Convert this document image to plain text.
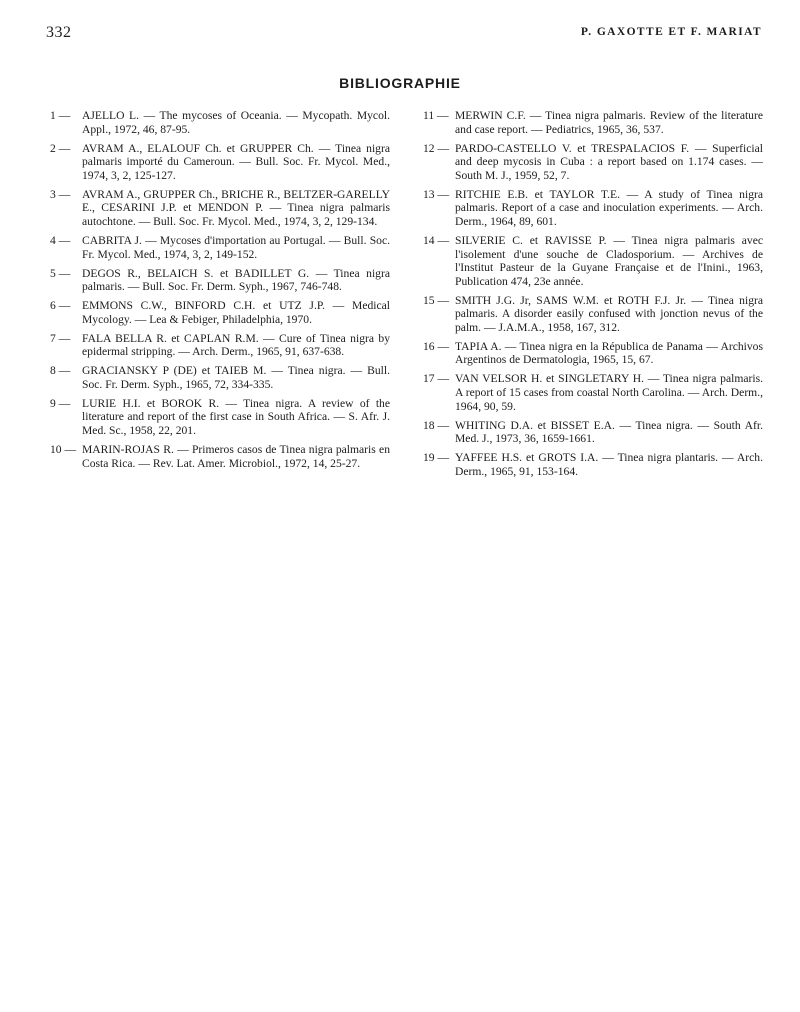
332	P. GAXOTTE ET F. MARIAT
BIBLIOGRAPHIE
1 —	AJELLO L. — The mycoses of Oceania. — Mycopath. Mycol. Appl., 1972, 46, 87-95.
2 —	AVRAM A., ELALOUF Ch. et GRUPPER Ch. — Tinea nigra palmaris importé du Cameroun. — Bull. Soc. Fr. Mycol. Med., 1974, 3, 2, 125-127.
3 —	AVRAM A., GRUPPER Ch., BRICHE R., BELTZER-GARELLY E., CESARINI J.P. et MENDON P. — Tinea nigra palmaris autochtone. — Bull. Soc. Fr. Mycol. Med., 1974, 3, 2, 129-134.
4 —	CABRITA J. — Mycoses d'importation au Portugal. — Bull. Soc. Fr. Mycol. Med., 1974, 3, 2, 149-152.
5 —	DEGOS R., BELAICH S. et BADILLET G. — Tinea nigra palmaris. — Bull. Soc. Fr. Derm. Syph., 1967, 746-748.
6 —	EMMONS C.W., BINFORD C.H. et UTZ J.P. — Medical Mycology. — Lea & Febiger, Philadelphia, 1970.
7 —	FALA BELLA R. et CAPLAN R.M. — Cure of Tinea nigra by epidermal stripping. — Arch. Derm., 1965, 91, 637-638.
8 —	GRACIANSKY P (DE) et TAIEB M. — Tinea nigra. — Bull. Soc. Fr. Derm. Syph., 1965, 72, 334-335.
9 —	LURIE H.I. et BOROK R. — Tinea nigra. A review of the literature and report of the first case in South Africa. — S. Afr. J. Med. Sc., 1958, 22, 201.
10 — MARIN-ROJAS R. — Primeros casos de Tinea nigra palmaris en Costa Rica. — Rev. Lat. Amer. Microbiol., 1972, 14, 25-27.
11 — MERWIN C.F. — Tinea nigra palmaris. Review of the literature and case report. — Pediatrics, 1965, 36, 537.
12 — PARDO-CASTELLO V. et TRESPALACIOS F. — Superficial and deep mycosis in Cuba : a report based on 1.174 cases. — South M. J., 1959, 52, 7.
13 — RITCHIE E.B. et TAYLOR T.E. — A study of Tinea nigra palmaris. Report of a case and inoculation experiments. — Arch. Derm., 1964, 89, 601.
14 — SILVERIE C. et RAVISSE P. — Tinea nigra palmaris avec l'isolement d'une souche de Cladosporium. — Archives de l'Institut Pasteur de la Guyane Française et de l'Inini., 1963, Publication 474, 23e année.
15 — SMITH J.G. Jr, SAMS W.M. et ROTH F.J. Jr. — Tinea nigra palmaris. A disorder easily confused with jonction nevus of the palm. — J.A.M.A., 1958, 167, 312.
16 — TAPIA A. — Tinea nigra en la Républica de Panama — Archivos Argentinos de Dermatologia, 1965, 15, 67.
17 — VAN VELSOR H. et SINGLETARY H. — Tinea nigra palmaris. A report of 15 cases from coastal North Carolina. — Arch. Derm., 1964, 90, 59.
18 — WHITING D.A. et BISSET E.A. — Tinea nigra. — South Afr. Med. J., 1973, 36, 1659-1661.
19 — YAFFEE H.S. et GROTS I.A. — Tinea nigra plantaris. — Arch. Derm., 1965, 91, 153-164.
